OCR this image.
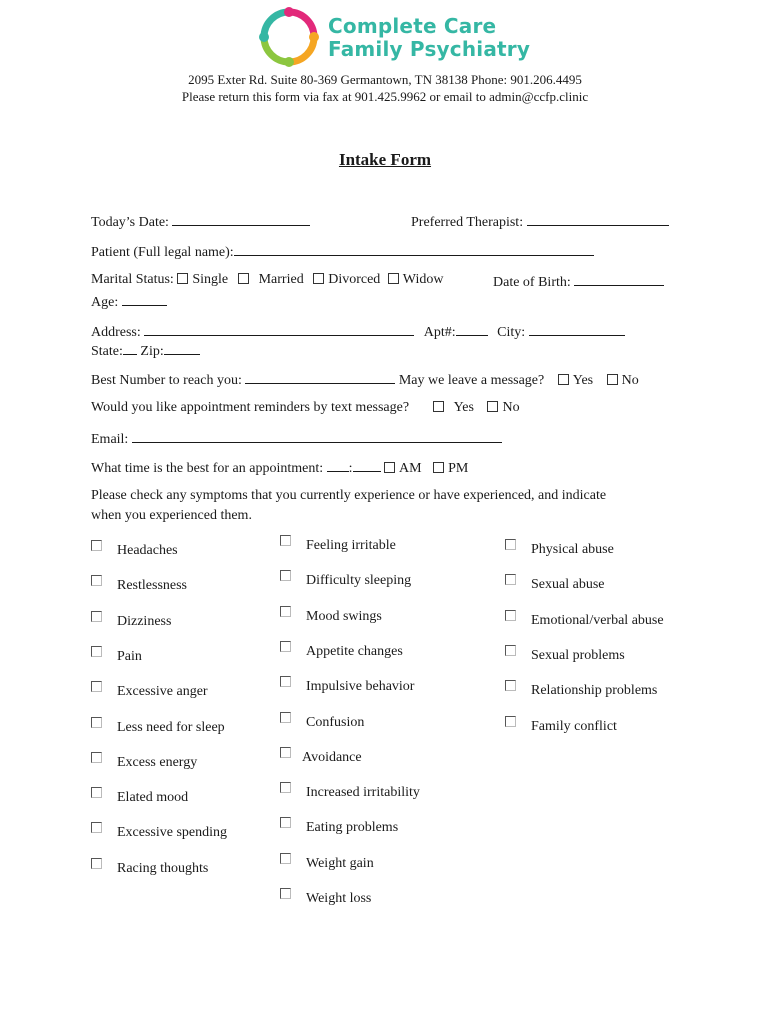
Complete Care
Family Psychiatry
2095 Exter Rd. Suite 80-369 Germantown, TN 38138 Phone: 901.206.4495
Please return this form via fax at 901.425.9962 or email to admin@ccfp.clinic
Intake Form
Today’s Date:	Preferred Therapist:
Patient (Full legal name):
Marital Status: Single Married Divorced Widow	Date of Birth:
Age:
Address:	Apt#:	City:
State: Zip:
Best Number to reach you:	May we leave a message? Yes No
Would you like appointment reminders by text message?	Yes No
Email:
What time is the best for an appointment: :	AM PM
Please check any symptoms that you currently experience or have experienced, and indicate
when you experienced them.
Headaches
Restlessness
Dizziness
Pain
Excessive anger
Less need for sleep
Excess energy
Elated mood
Excessive spending
Racing thoughts
Feeling irritable
Difficulty sleeping
Mood swings
Appetite changes
Impulsive behavior
Confusion
Avoidance
Increased irritability
Eating problems
Weight gain
Weight loss
Physical abuse
Sexual abuse
Emotional/verbal abuse
Sexual problems
Relationship problems
Family conflict
